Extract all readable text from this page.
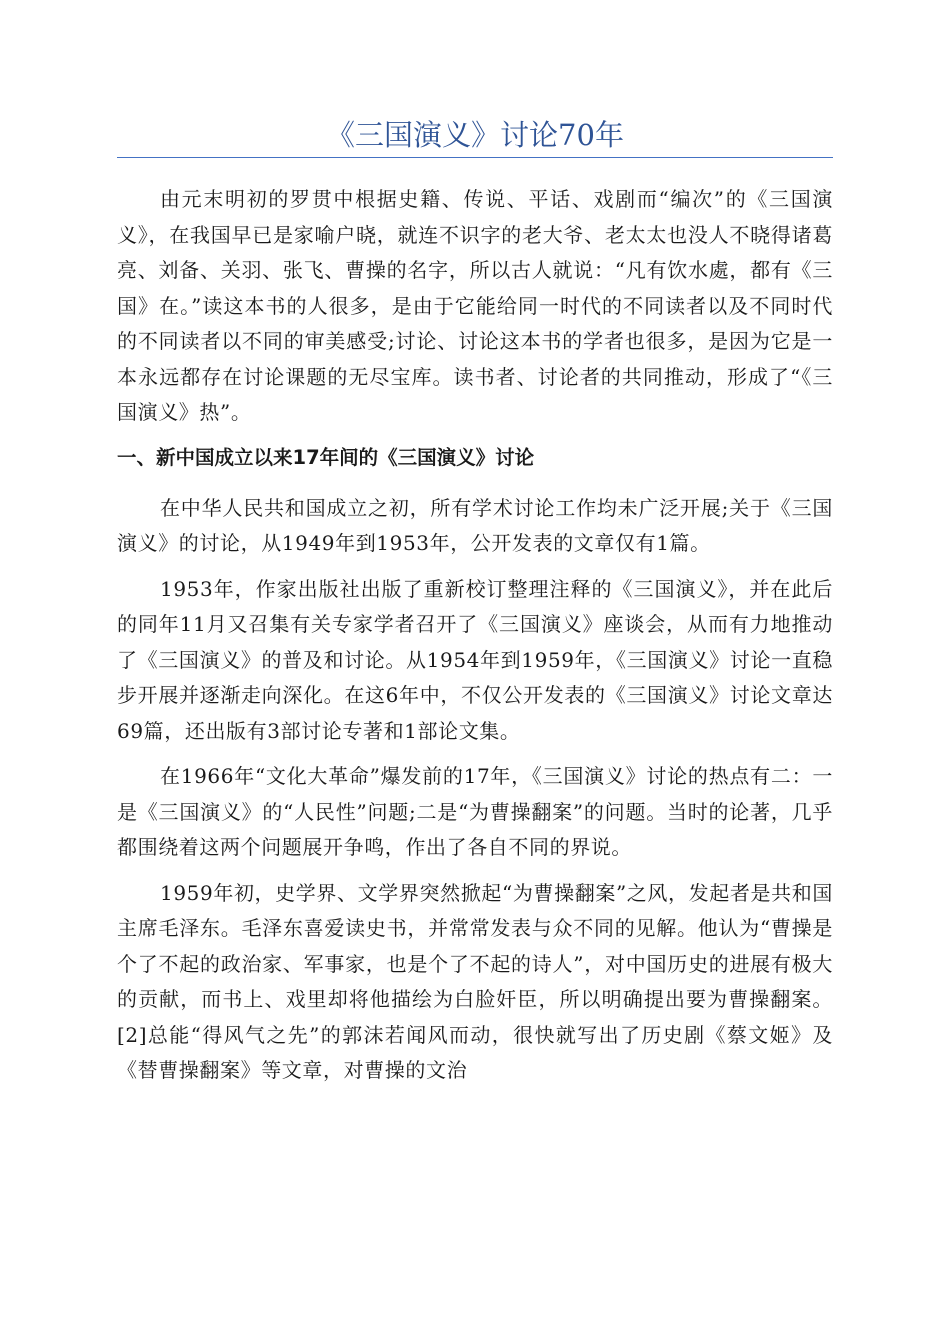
《三国演义》讨论70年

由元末明初的罗贯中根据史籍、传说、平话、戏剧而“编次”的《三国演义》，在我国早已是家喻户晓，就连不识字的老大爷、老太太也没人不晓得诸葛亮、刘备、关羽、张飞、曹操的名字，所以古人就说：“凡有饮水處，都有《三国》在。”读这本书的人很多，是由于它能给同一时代的不同读者以及不同时代的不同读者以不同的审美感受;讨论、讨论这本书的学者也很多，是因为它是一本永远都存在讨论课题的无尽宝库。读书者、讨论者的共同推动，形成了“《三国演义》热”。

一、新中国成立以来17年间的《三国演义》讨论

在中华人民共和国成立之初，所有学术讨论工作均未广泛开展;关于《三国演义》的讨论，从1949年到1953年，公开发表的文章仅有1篇。

1953年，作家出版社出版了重新校订整理注释的《三国演义》，并在此后的同年11月又召集有关专家学者召开了《三国演义》座谈会，从而有力地推动了《三国演义》的普及和讨论。从1954年到1959年，《三国演义》讨论一直稳步开展并逐渐走向深化。在这6年中，不仅公开发表的《三国演义》讨论文章达69篇，还出版有3部讨论专著和1部论文集。

在1966年“文化大革命”爆发前的17年，《三国演义》讨论的热点有二：一是《三国演义》的“人民性”问题;二是“为曹操翻案”的问题。当时的论著，几乎都围绕着这两个问题展开争鸣，作出了各自不同的界说。

1959年初，史学界、文学界突然掀起“为曹操翻案”之风，发起者是共和国主席毛泽东。毛泽东喜爱读史书，并常常发表与众不同的见解。他认为“曹操是个了不起的政治家、军事家，也是个了不起的诗人”，对中国历史的进展有极大的贡献，而书上、戏里却将他描绘为白脸奸臣，所以明确提出要为曹操翻案。[2]总能“得风气之先”的郭沫若闻风而动，很快就写出了历史剧《蔡文姬》及《替曹操翻案》等文章，对曹操的文治
